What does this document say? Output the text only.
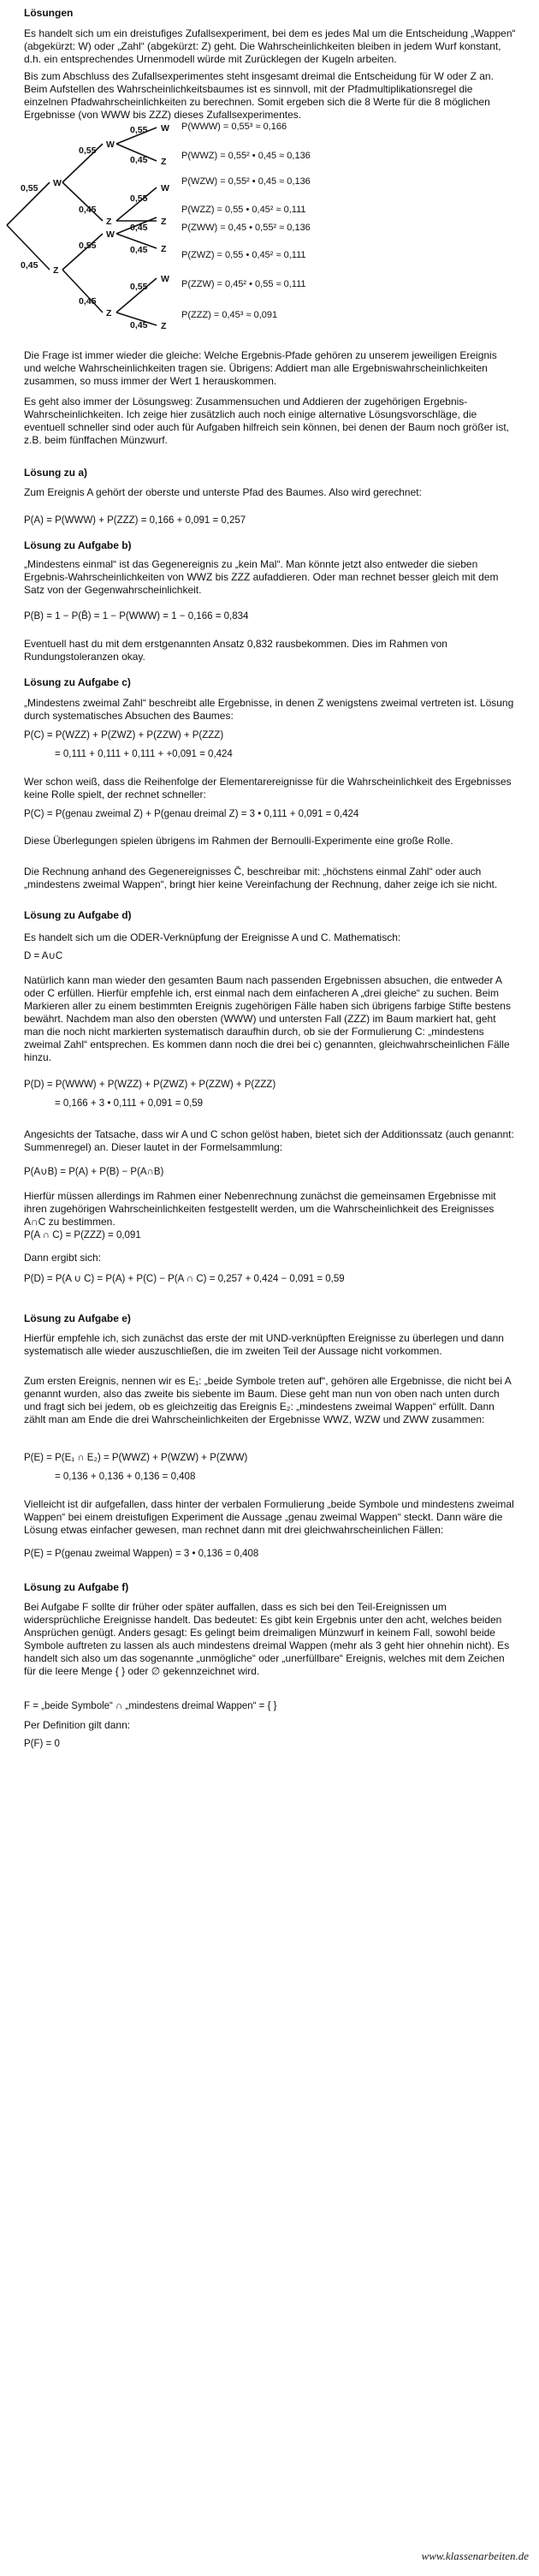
Lösungen

Es handelt sich um ein dreistufiges Zufallsexperiment, bei dem es jedes Mal um die Entscheidung „Wappen“ (abgekürzt: W) oder „Zahl“ (abgekürzt: Z) geht. Die Wahrscheinlichkeiten bleiben in jedem Wurf konstant, d.h. ein entsprechendes Urnenmodell würde mit Zurücklegen der Kugeln arbeiten.

Bis zum Abschluss des Zufallsexperimentes steht insgesamt dreimal die Entscheidung für W oder Z an. Beim Aufstellen des Wahrscheinlichkeitsbaumes ist es sinnvoll, mit der Pfadmultiplikationsregel die einzelnen Pfadwahrscheinlichkeiten zu berechnen. Somit ergeben sich die 8 Werte für die 8 möglichen Ergebnisse (von WWW bis ZZZ) dieses Zufallsexperimentes.

W
Z
0,55
0,45
W
Z
W
Z
0,55
0,45
0,55
0,45
W
Z
W
Z
Z
W
Z
0,55
0,45
0,55
0,45
0,45
0,55
0,45
P(WWW) = 0,55³ ≈ 0,166
P(WWZ) = 0,55² • 0,45 ≈ 0,136
P(WZW) = 0,55² • 0,45 ≈ 0,136
P(WZZ) = 0,55 • 0,45² ≈ 0,111
P(ZWW) = 0,45 • 0,55² ≈ 0,136
P(ZWZ) = 0,55 • 0,45² ≈ 0,111
P(ZZW) = 0,45² • 0,55 ≈ 0,111
P(ZZZ) = 0,45³ ≈ 0,091

Die Frage ist immer wieder die gleiche: Welche Ergebnis-Pfade gehören zu unserem jeweiligen Ereignis und welche Wahrscheinlichkeiten tragen sie. Übrigens: Addiert man alle Ergebniswahrscheinlichkeiten zusammen, so muss immer der Wert 1 herauskommen.

Es geht also immer der Lösungsweg: Zusammensuchen und Addieren der zugehörigen Ergebnis-Wahrscheinlichkeiten. Ich zeige hier zusätzlich auch noch einige alternative Lösungsvorschläge, die eventuell schneller sind oder auch für Aufgaben hilfreich sein können, bei denen der Baum noch größer ist, z.B. beim fünffachen Münzwurf.

Lösung zu a)

Zum Ereignis A gehört der oberste und unterste Pfad des Baumes. Also wird gerechnet:

P(A) = P(WWW) + P(ZZZ) = 0,166 + 0,091 = 0,257

Lösung zu Aufgabe b)

„Mindestens einmal“ ist das Gegenereignis zu „kein Mal“. Man könnte jetzt also entweder die sieben Ergebnis-Wahrscheinlichkeiten von WWZ bis ZZZ aufaddieren. Oder man rechnet besser gleich mit dem Satz von der Gegenwahrscheinlichkeit.

P(B) = 1 − P(B̄) = 1 − P(WWW) = 1 − 0,166 = 0,834

Eventuell hast du mit dem erstgenannten Ansatz 0,832 rausbekommen. Dies im Rahmen von Rundungstoleranzen okay.

Lösung zu Aufgabe c)

„Mindestens zweimal Zahl“ beschreibt alle Ergebnisse, in denen Z wenigstens zweimal vertreten ist. Lösung durch systematisches Absuchen des Baumes:

P(C) = P(WZZ) + P(ZWZ) + P(ZZW) + P(ZZZ)

= 0,111 + 0,111 + 0,111 + +0,091 = 0,424

Wer schon weiß, dass die Reihenfolge der Elementarereignisse für die Wahrscheinlichkeit des Ergebnisses keine Rolle spielt, der rechnet schneller:

P(C) = P(genau zweimal Z) + P(genau dreimal Z) = 3 • 0,111 + 0,091 = 0,424

Diese Überlegungen spielen übrigens im Rahmen der Bernoulli-Experimente eine große Rolle.

Die Rechnung anhand des Gegenereignisses C̄, beschreibar mit: „höchstens einmal Zahl“ oder auch „mindestens zweimal Wappen“, bringt hier keine Vereinfachung der Rechnung, daher zeige ich sie nicht.

Lösung zu Aufgabe d)

Es handelt sich um die ODER-Verknüpfung der Ereignisse A und C. Mathematisch:

D = A∪C

Natürlich kann man wieder den gesamten Baum nach passenden Ergebnissen absuchen, die entweder A oder C erfüllen. Hierfür empfehle ich, erst einmal nach dem einfacheren A „drei gleiche“ zu suchen. Beim Markieren aller zu einem bestimmten Ereignis zugehörigen Fälle haben sich übrigens farbige Stifte bestens bewährt. Nachdem man also den obersten (WWW) und untersten Fall (ZZZ) im Baum markiert hat, geht man die noch nicht markierten systematisch daraufhin durch, ob sie der Formulierung C: „mindestens zweimal Zahl“ entsprechen. Es kommen dann noch die drei bei c) genannten, gleichwahrscheinlichen Fälle hinzu.

P(D) = P(WWW) + P(WZZ) + P(ZWZ) + P(ZZW) + P(ZZZ)

= 0,166 + 3 • 0,111 + 0,091 = 0,59

Angesichts der Tatsache, dass wir A und C schon gelöst haben, bietet sich der Additionssatz (auch genannt: Summenregel) an. Dieser lautet in der Formelsammlung:

P(A∪B) = P(A) + P(B) − P(A∩B)

Hierfür müssen allerdings im Rahmen einer Nebenrechnung zunächst die gemeinsamen Ergebnisse mit ihren zugehörigen Wahrscheinlichkeiten festgestellt werden, um die Wahrscheinlichkeit des Ereignisses A∩C zu bestimmen.

P(A ∩ C) = P(ZZZ) = 0,091

Dann ergibt sich:

P(D) = P(A ∪ C) = P(A) + P(C) − P(A ∩ C) = 0,257 + 0,424 − 0,091 = 0,59

Lösung zu Aufgabe e)

Hierfür empfehle ich, sich zunächst das erste der mit UND-verknüpften Ereignisse zu überlegen und dann systematisch alle wieder auszuschließen, die im zweiten Teil der Aussage nicht vorkommen.

Zum ersten Ereignis, nennen wir es E₁: „beide Symbole treten auf“, gehören alle Ergebnisse, die nicht bei A genannt wurden, also das zweite bis siebente im Baum. Diese geht man nun von oben nach unten durch und fragt sich bei jedem, ob es gleichzeitig das Ereignis E₂: „mindestens zweimal Wappen“ erfüllt. Dann zählt man am Ende die drei Wahrscheinlichkeiten der Ergebnisse WWZ, WZW und ZWW zusammen:

P(E) = P(E₁ ∩ E₂) = P(WWZ) + P(WZW) + P(ZWW)

= 0,136 + 0,136 + 0,136 = 0,408

Vielleicht ist dir aufgefallen, dass hinter der verbalen Formulierung „beide Symbole und mindestens zweimal Wappen“ bei einem dreistufigen Experiment die Aussage „genau zweimal Wappen“ steckt. Dann wäre die Lösung etwas einfacher gewesen, man rechnet dann mit drei gleichwahrscheinlichen Fällen:

P(E) = P(genau zweimal Wappen) = 3 • 0,136 = 0,408

Lösung zu Aufgabe f)

Bei Aufgabe F sollte dir früher oder später auffallen, dass es sich bei den Teil-Ereignissen um widersprüchliche Ereignisse handelt. Das bedeutet: Es gibt kein Ergebnis unter den acht, welches beiden Ansprüchen genügt. Anders gesagt: Es gelingt beim dreimaligen Münzwurf in keinem Fall, sowohl beide Symbole auftreten zu lassen als auch mindestens dreimal Wappen (mehr als 3 geht hier ohnehin nicht). Es handelt sich also um das sogenannte „unmögliche“ oder „unerfüllbare“ Ereignis, welches mit dem Zeichen für die leere Menge { } oder ∅ gekennzeichnet wird.

F = „beide Symbole“ ∩ „mindestens dreimal Wappen“ = { }

Per Definition gilt dann:

P(F) = 0

www.klassenarbeiten.de
